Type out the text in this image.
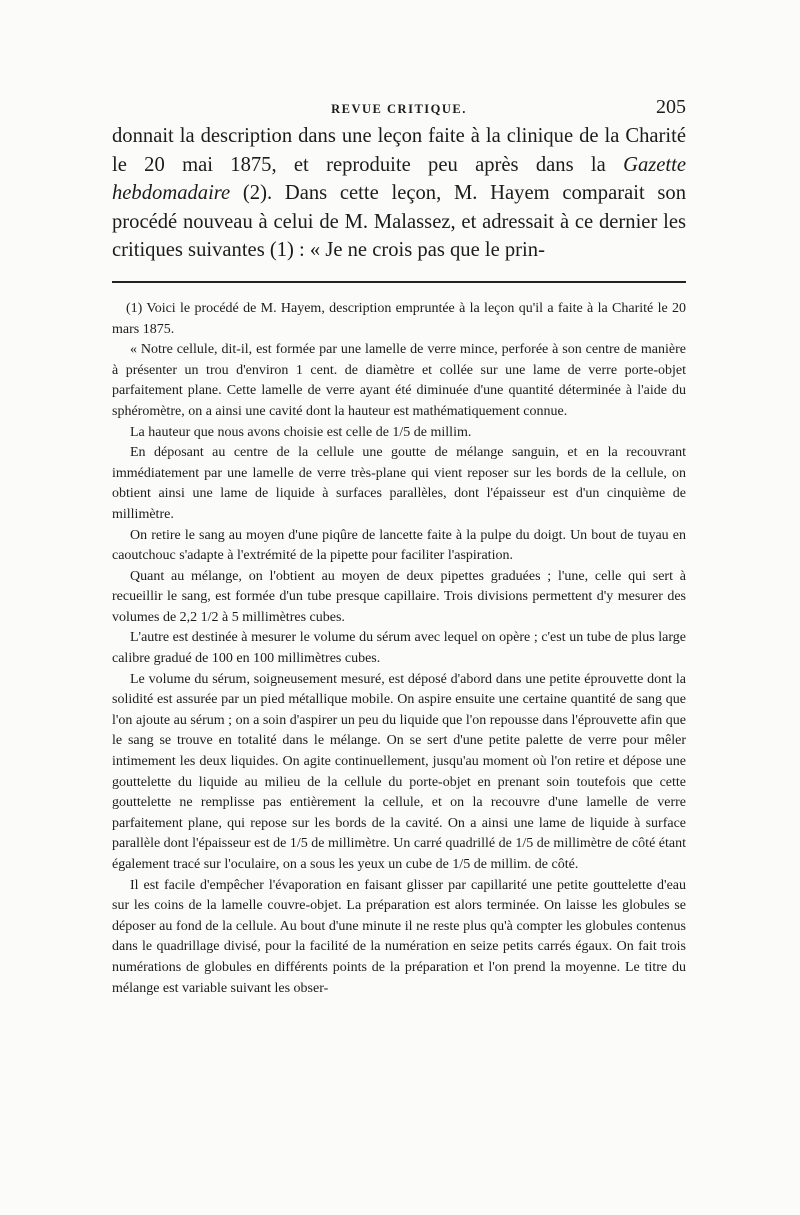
REVUE CRITIQUE.	205

donnait la description dans une leçon faite à la clinique de la Charité le 20 mai 1875, et reproduite peu après dans la Gazette hebdomadaire (2). Dans cette leçon, M. Hayem comparait son procédé nouveau à celui de M. Malassez, et adressait à ce dernier les critiques suivantes (1) : « Je ne crois pas que le prin-

(1) Voici le procédé de M. Hayem, description empruntée à la leçon qu'il a faite à la Charité le 20 mars 1875.

« Notre cellule, dit-il, est formée par une lamelle de verre mince, perforée à son centre de manière à présenter un trou d'environ 1 cent. de diamètre et collée sur une lame de verre porte-objet parfaitement plane. Cette lamelle de verre ayant été diminuée d'une quantité déterminée à l'aide du sphéromètre, on a ainsi une cavité dont la hauteur est mathématiquement connue.

La hauteur que nous avons choisie est celle de 1/5 de millim.

En déposant au centre de la cellule une goutte de mélange sanguin, et en la recouvrant immédiatement par une lamelle de verre très-plane qui vient reposer sur les bords de la cellule, on obtient ainsi une lame de liquide à surfaces parallèles, dont l'épaisseur est d'un cinquième de millimètre.

On retire le sang au moyen d'une piqûre de lancette faite à la pulpe du doigt. Un bout de tuyau en caoutchouc s'adapte à l'extrémité de la pipette pour faciliter l'aspiration.

Quant au mélange, on l'obtient au moyen de deux pipettes graduées ; l'une, celle qui sert à recueillir le sang, est formée d'un tube presque capillaire. Trois divisions permettent d'y mesurer des volumes de 2,2 1/2 à 5 millimètres cubes.

L'autre est destinée à mesurer le volume du sérum avec lequel on opère ; c'est un tube de plus large calibre gradué de 100 en 100 millimètres cubes.

Le volume du sérum, soigneusement mesuré, est déposé d'abord dans une petite éprouvette dont la solidité est assurée par un pied métallique mobile. On aspire ensuite une certaine quantité de sang que l'on ajoute au sérum ; on a soin d'aspirer un peu du liquide que l'on repousse dans l'éprouvette afin que le sang se trouve en totalité dans le mélange. On se sert d'une petite palette de verre pour mêler intimement les deux liquides. On agite continuellement, jusqu'au moment où l'on retire et dépose une gouttelette du liquide au milieu de la cellule du porte-objet en prenant soin toutefois que cette gouttelette ne remplisse pas entièrement la cellule, et on la recouvre d'une lamelle de verre parfaitement plane, qui repose sur les bords de la cavité. On a ainsi une lame de liquide à surface parallèle dont l'épaisseur est de 1/5 de millimètre. Un carré quadrillé de 1/5 de millimètre de côté étant également tracé sur l'oculaire, on a sous les yeux un cube de 1/5 de millim. de côté.

Il est facile d'empêcher l'évaporation en faisant glisser par capillarité une petite gouttelette d'eau sur les coins de la lamelle couvre-objet. La préparation est alors terminée. On laisse les globules se déposer au fond de la cellule. Au bout d'une minute il ne reste plus qu'à compter les globules contenus dans le quadrillage divisé, pour la facilité de la numération en seize petits carrés égaux. On fait trois numérations de globules en différents points de la préparation et l'on prend la moyenne. Le titre du mélange est variable suivant les obser-
